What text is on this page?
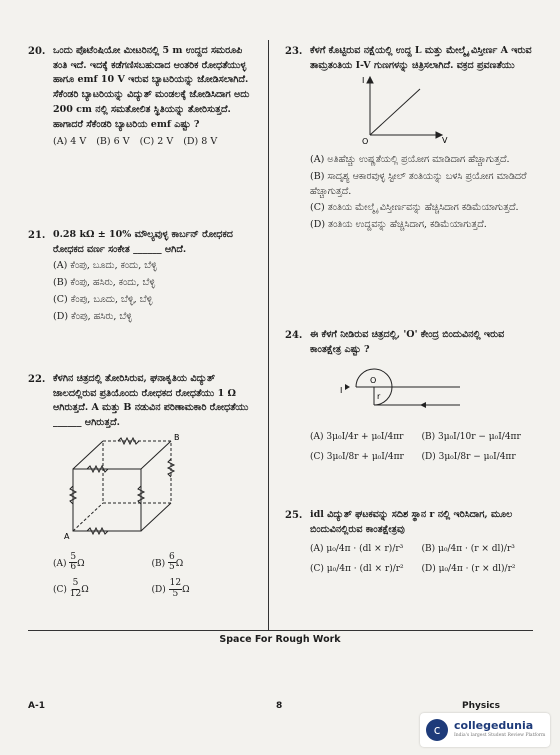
20. ಒಂದು ಪೊಟೆಂಷಿಯೋ ಮೀಟರಿನಲ್ಲಿ 5 m ಉದ್ದದ ಸಮರೂಪಿ ತಂತಿ ಇದೆ. ಇದಕ್ಕೆ ಕಡೆಗಣಿಸಬಹುದಾದ ಆಂತರಿಕ ರೋಧತೆಯುಳ್ಳ ಹಾಗೂ emf 10 V ಇರುವ ಬ್ಯಾಟರಿಯನ್ನು ಜೋಡಿಸಲಾಗಿದೆ. ಸೆಕೆಂಡರಿ ಬ್ಯಾಟರಿಯನ್ನು ವಿದ್ಯುತ್ ಮಂಡಲಕ್ಕೆ ಜೋಡಿಸಿದಾಗ ಅದು 200 cm ನಲ್ಲಿ ಸಮತೋಲಿತ ಸ್ಥಿತಿಯನ್ನು ತೋರಿಸುತ್ತದೆ. ಹಾಗಾದರೆ ಸೆಕೆಂಡರಿ ಬ್ಯಾಟರಿಯ emf ಎಷ್ಟು ?
(A) 4 V (B) 6 V (C) 2 V (D) 8 V
21. 0.28 kΩ ± 10% ಮೌಲ್ಯವುಳ್ಳ ಕಾರ್ಬನ್ ರೋಧಕದ ರೋಧಕದ ವರ್ಣ ಸಂಕೇತ ______ ಆಗಿದೆ.
(A) ಕೆಂಪು, ಬೂದು, ಕಂದು, ಬೆಳ್ಳಿ
(B) ಕೆಂಪು, ಹಸಿರು, ಕಂದು, ಬೆಳ್ಳಿ
(C) ಕೆಂಪು, ಬೂದು, ಬೆಳ್ಳಿ, ಬೆಳ್ಳಿ
(D) ಕೆಂಪು, ಹಸಿರು, ಬೆಳ್ಳಿ
22. ಕೆಳಗಿನ ಚಿತ್ರದಲ್ಲಿ ತೋರಿಸಿರುವ, ಘನಾಕೃತಿಯ ವಿದ್ಯುತ್ ಜಾಲದಲ್ಲಿರುವ ಪ್ರತಿಯೊಂದು ರೋಧಕದ ರೋಧತೆಯು 1 Ω ಆಗಿರುತ್ತದೆ. A ಮತ್ತು B ನಡುವಿನ ಪರಿಣಾಮಕಾರಿ ರೋಧತೆಯು ______ ಆಗಿರುತ್ತದೆ.
A
B
$(A) \frac{5}{6}$ Ω	$(B) \frac{6}{5}$ Ω
$(C) \frac{5}{12}$ Ω	$(D) \frac{12}{5}$ Ω
23. ಕೆಳಗೆ ಕೊಟ್ಟಿರುವ ನಕ್ಷೆಯಲ್ಲಿ ಉದ್ದ L ಮತ್ತು ಮೇಲ್ಮೈ ವಿಸ್ತೀರ್ಣ A ಇರುವ ತಾಮ್ರತಂತಿಯ I-V ಗುಣಗಳನ್ನು ಚಿತ್ರಿಸಲಾಗಿದೆ. ವಕ್ರದ ಪ್ರವಣತೆಯು
I
V
O
(A) ಅತಿಹೆಚ್ಚು ಉಷ್ಣತೆಯಲ್ಲಿ ಪ್ರಯೋಗ ಮಾಡಿದಾಗ ಹೆಚ್ಚಾಗುತ್ತದೆ.
(B) ಸಾದೃಶ್ಯ ಆಕಾರವುಳ್ಳ ಸ್ಟೀಲ್ ತಂತಿಯನ್ನು ಬಳಸಿ ಪ್ರಯೋಗ ಮಾಡಿದರೆ ಹೆಚ್ಚಾಗುತ್ತದೆ.
(C) ತಂತಿಯ ಮೇಲ್ಮೈ ವಿಸ್ತೀರ್ಣವನ್ನು ಹೆಚ್ಚಿಸಿದಾಗ ಕಡಿಮೆಯಾಗುತ್ತದೆ.
(D) ತಂತಿಯ ಉದ್ದವನ್ನು ಹೆಚ್ಚಿಸಿದಾಗ, ಕಡಿಮೆಯಾಗುತ್ತದೆ.
24. ಈ ಕೆಳಗೆ ನೀಡಿರುವ ಚಿತ್ರದಲ್ಲಿ, 'O' ಕೇಂದ್ರ ಬಿಂದುವಿನಲ್ಲಿ ಇರುವ ಕಾಂತಕ್ಷೇತ್ರ ಎಷ್ಟು ?
I
O
r
(A) 3μ₀I/4r + μ₀I/4πr	(B) 3μ₀I/10r − μ₀I/4πr
(C) 3μ₀I/8r + μ₀I/4πr	(D) 3μ₀I/8r − μ₀I/4πr
25. idl ವಿದ್ಯುತ್ ಘಟಕವನ್ನು ಸದಿಶ ಸ್ಥಾನ r ನಲ್ಲಿ ಇರಿಸಿದಾಗ, ಮೂಲ ಬಿಂದುವಿನಲ್ಲಿರುವ ಕಾಂತಕ್ಷೇತ್ರವು
(A) μ₀/4π · (dl × r)/r³	(B) μ₀/4π · (r × dl)/r³
(C) μ₀/4π · (dl × r)/r²	(D) μ₀/4π · (r × dl)/r²
Space For Rough Work
A-1	8	Physics
c	collegedunia
India's largest Student Review Platform
